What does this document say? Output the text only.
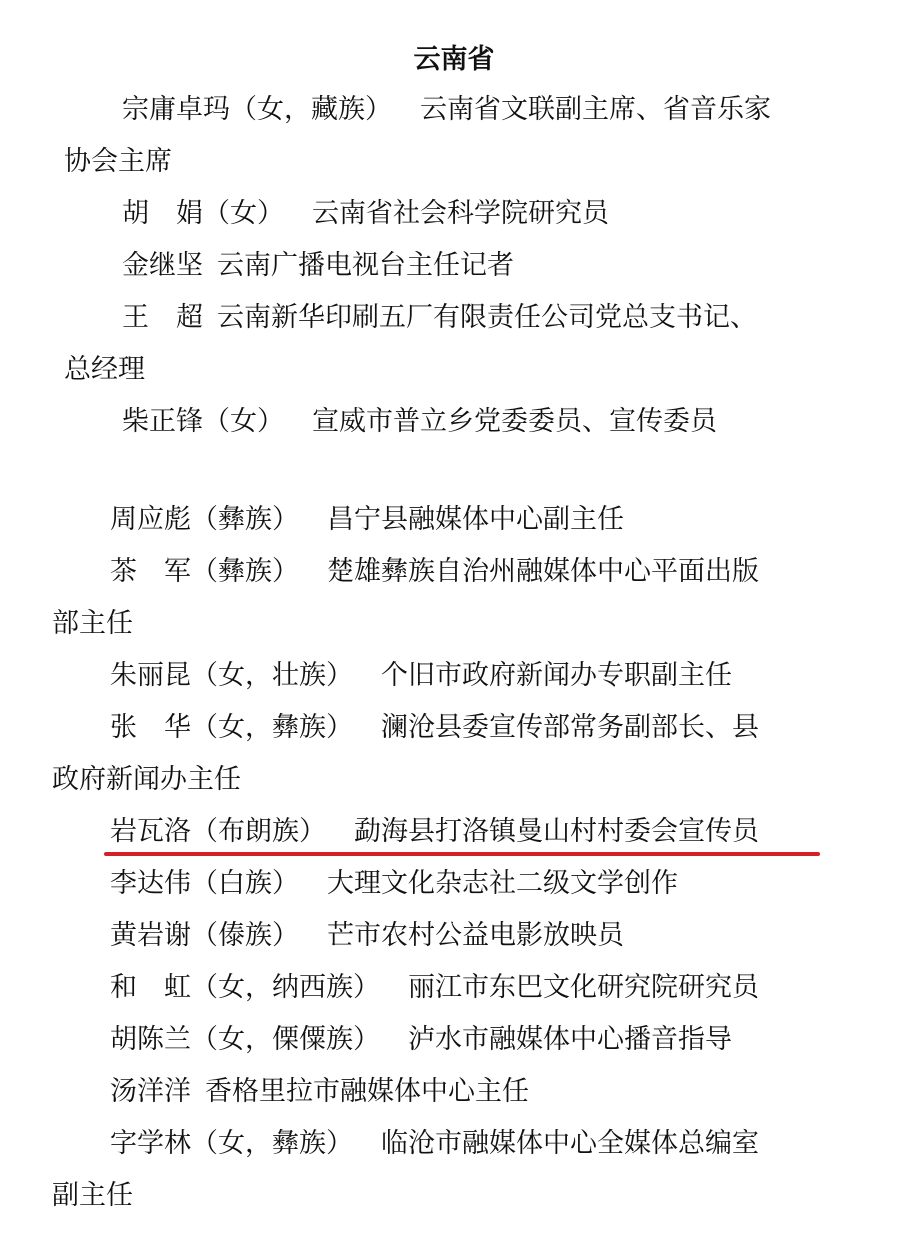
云南省
宗庸卓玛（女，藏族） 云南省文联副主席、省音乐家
协会主席
胡　娟（女） 云南省社会科学院研究员
金继坚 云南广播电视台主任记者
王　超 云南新华印刷五厂有限责任公司党总支书记、
总经理
柴正锋（女） 宣威市普立乡党委委员、宣传委员
周应彪（彝族） 昌宁县融媒体中心副主任
茶　军（彝族） 楚雄彝族自治州融媒体中心平面出版
部主任
朱丽昆（女，壮族） 个旧市政府新闻办专职副主任
张　华（女，彝族） 澜沧县委宣传部常务副部长、县
政府新闻办主任
岩瓦洛（布朗族） 勐海县打洛镇曼山村村委会宣传员
李达伟（白族） 大理文化杂志社二级文学创作
黄岩谢（傣族） 芒市农村公益电影放映员
和　虹（女，纳西族） 丽江市东巴文化研究院研究员
胡陈兰（女，傈僳族） 泸水市融媒体中心播音指导
汤洋洋 香格里拉市融媒体中心主任
字学林（女，彝族） 临沧市融媒体中心全媒体总编室
副主任
